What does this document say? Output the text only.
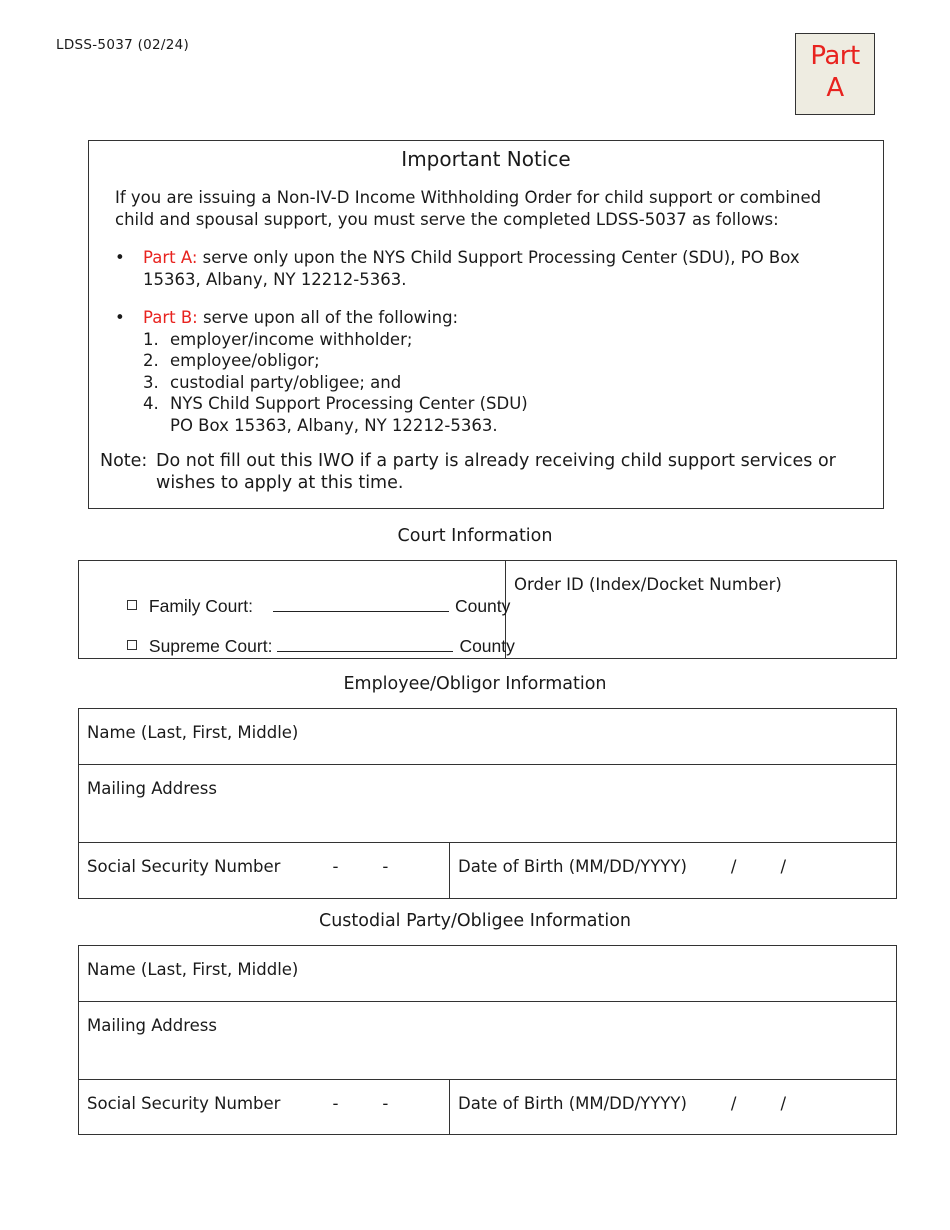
LDSS-5037 (02/24)	Part A
Important Notice
If you are issuing a Non-IV-D Income Withholding Order for child support or combined child and spousal support, you must serve the completed LDSS-5037 as follows:
• Part A: serve only upon the NYS Child Support Processing Center (SDU), PO Box 15363, Albany, NY 12212-5363.
• Part B: serve upon all of the following:
1. employer/income withholder;
2. employee/obligor;
3. custodial party/obligee; and
4. NYS Child Support Processing Center (SDU)
PO Box 15363, Albany, NY 12212-5363.
Note: Do not fill out this IWO if a party is already receiving child support services or wishes to apply at this time.
Court Information

Family Court:	County

Supreme Court:	County

	Order ID (Index/Docket Number)
Employee/Obligor Information
Name (Last, First, Middle)
Mailing Address
Social Security Number	-	-	Date of Birth (MM/DD/YYYY)	/	/
Custodial Party/Obligee Information
Name (Last, First, Middle)
Mailing Address
Social Security Number	-	-	Date of Birth (MM/DD/YYYY)	/	/
